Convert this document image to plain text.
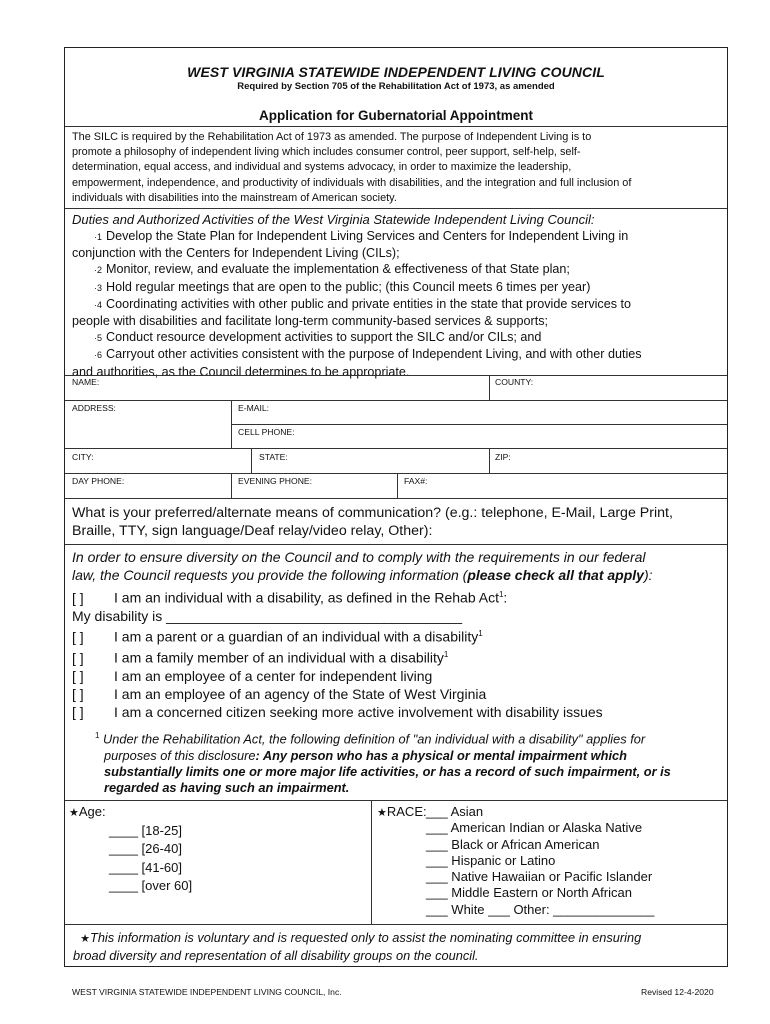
WEST VIRGINIA STATEWIDE INDEPENDENT LIVING COUNCIL
Required by Section 705 of the Rehabilitation Act of 1973, as amended
Application for Gubernatorial Appointment
The SILC is required by the Rehabilitation Act of 1973 as amended. The purpose of Independent Living is to
promote a philosophy of independent living which includes consumer control, peer support, self-help, self-
determination, equal access, and individual and systems advocacy, in order to maximize the leadership,
empowerment, independence, and productivity of individuals with disabilities, and the integration and full inclusion of
individuals with disabilities into the mainstream of American society.
Duties and Authorized Activities of the West Virginia Statewide Independent Living Council:
·1 Develop the State Plan for Independent Living Services and Centers for Independent Living in
conjunction with the Centers for Independent Living (CILs);
·2 Monitor, review, and evaluate the implementation & effectiveness of that State plan;
·3 Hold regular meetings that are open to the public; (this Council meets 6 times per year)
·4 Coordinating activities with other public and private entities in the state that provide services to
people with disabilities and facilitate long-term community-based services & supports;
·5 Conduct resource development activities to support the SILC and/or CILs; and
·6 Carryout other activities consistent with the purpose of Independent Living, and with other duties
and authorities, as the Council determines to be appropriate.
NAME:	COUNTY:
ADDRESS:	E-MAIL:
CELL PHONE:
CITY:	STATE:	ZIP:
DAY PHONE:	EVENING PHONE:	FAX#:
What is your preferred/alternate means of communication? (e.g.: telephone, E-Mail, Large Print,
Braille, TTY, sign language/Deaf relay/video relay, Other):
In order to ensure diversity on the Council and to comply with the requirements in our federal
law, the Council requests you provide the following information (please check all that apply):
[ ] I am an individual with a disability, as defined in the Rehab Act$^1$:
My disability is ______________________________________
[ ] I am a parent or a guardian of an individual with a disability$^1$
[ ] I am a family member of an individual with a disability$^1$
[ ] I am an employee of a center for independent living
[ ] I am an employee of an agency of the State of West Virginia
[ ] I am a concerned citizen seeking more active involvement with disability issues
$^1$ Under the Rehabilitation Act, the following definition of "an individual with a disability" applies for
purposes of this disclosure: Any person who has a physical or mental impairment which
substantially limits one or more major life activities, or has a record of such impairment, or is
regarded as having such an impairment.
★Age:
____ [18-25]
____ [26-40]
____ [41-60]
____ [over 60]
★RACE: ___ Asian
___ American Indian or Alaska Native
___ Black or African American
___ Hispanic or Latino
___ Native Hawaiian or Pacific Islander
___ Middle Eastern or North African
___ White ___ Other: ______________
★This information is voluntary and is requested only to assist the nominating committee in ensuring
broad diversity and representation of all disability groups on the council.
WEST VIRGINIA STATEWIDE INDEPENDENT LIVING COUNCIL, Inc.	Revised 12-4-2020
